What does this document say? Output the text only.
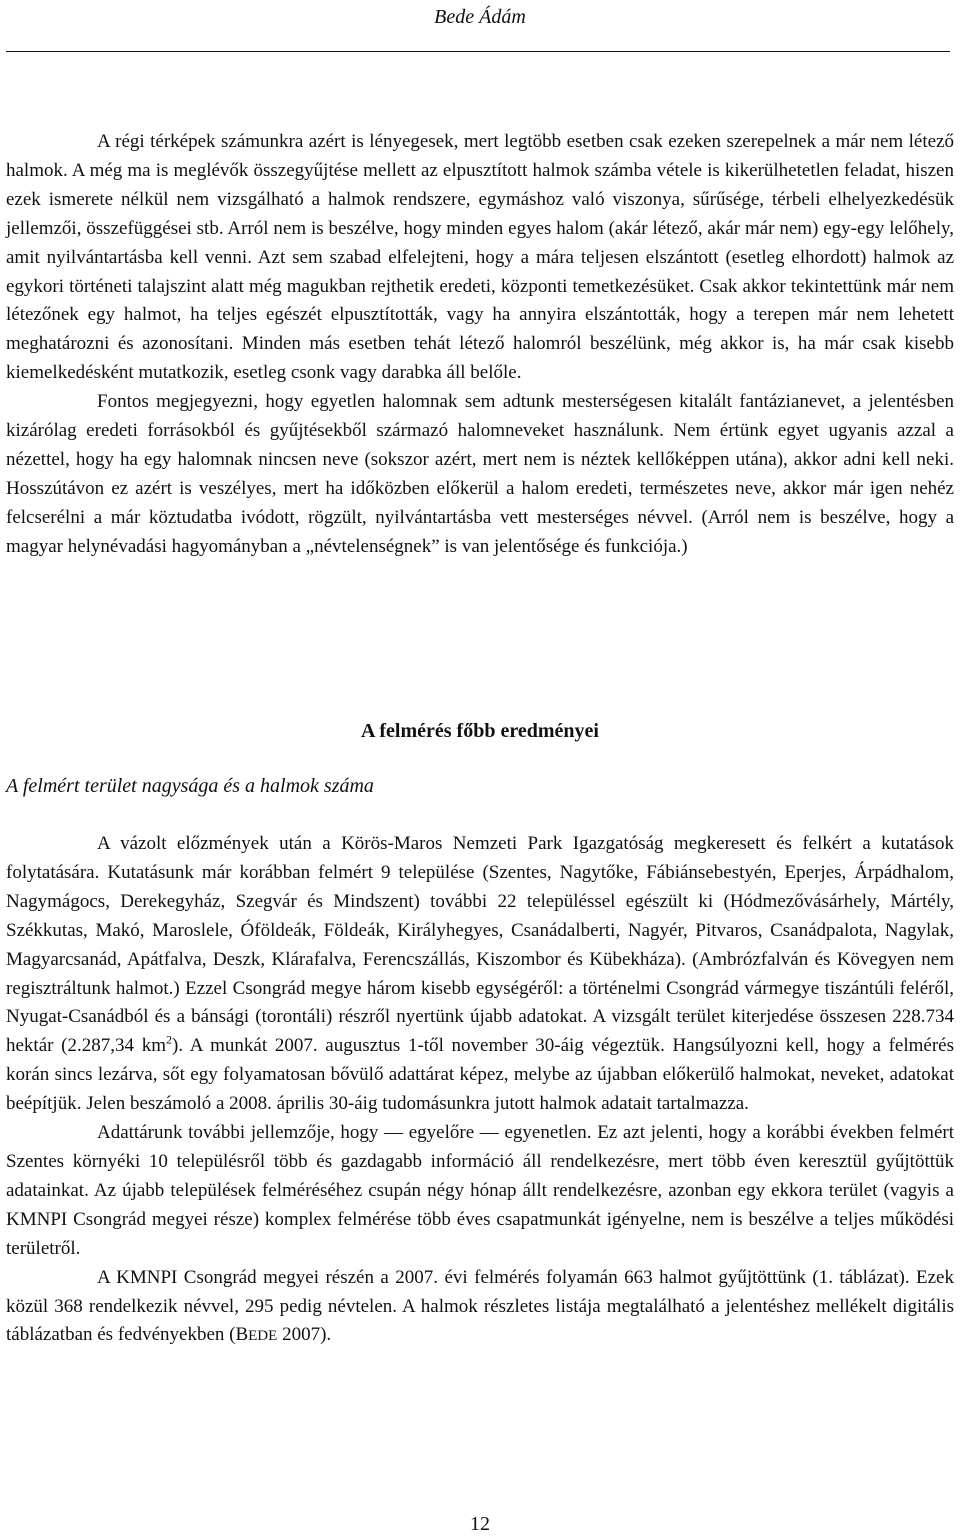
Bede Ádám

A régi térképek számunkra azért is lényegesek, mert legtöbb esetben csak ezeken szerepelnek a már nem létező halmok. A még ma is meglévők összegyűjtése mellett az elpusztított halmok számba vétele is kikerülhetetlen feladat, hiszen ezek ismerete nélkül nem vizsgálható a halmok rendszere, egymáshoz való viszonya, sűrűsége, térbeli elhelyezkedésük jellemzői, összefüggései stb. Arról nem is beszélve, hogy minden egyes halom (akár létező, akár már nem) egy-egy lelőhely, amit nyilvántartásba kell venni. Azt sem szabad elfelejteni, hogy a mára teljesen elszántott (esetleg elhordott) halmok az egykori történeti talajszint alatt még magukban rejthetik eredeti, központi temetkezésüket. Csak akkor tekintettünk már nem létezőnek egy halmot, ha teljes egészét elpusztították, vagy ha annyira elszántották, hogy a terepen már nem lehetett meghatározni és azonosítani. Minden más esetben tehát létező halomról beszélünk, még akkor is, ha már csak kisebb kiemelkedésként mutatkozik, esetleg csonk vagy darabka áll belőle.

Fontos megjegyezni, hogy egyetlen halomnak sem adtunk mesterségesen kitalált fantázianevet, a jelentésben kizárólag eredeti forrásokból és gyűjtésekből származó halomneveket használunk. Nem értünk egyet ugyanis azzal a nézettel, hogy ha egy halomnak nincsen neve (sokszor azért, mert nem is néztek kellőképpen utána), akkor adni kell neki. Hosszútávon ez azért is veszélyes, mert ha időközben előkerül a halom eredeti, természetes neve, akkor már igen nehéz felcserélni a már köztudatba ivódott, rögzült, nyilvántartásba vett mesterséges névvel. (Arról nem is beszélve, hogy a magyar helynévadási hagyományban a „névtelenségnek” is van jelentősége és funkciója.)

A felmérés főbb eredményei
A felmért terület nagysága és a halmok száma

A vázolt előzmények után a Körös-Maros Nemzeti Park Igazgatóság megkeresett és felkért a kutatások folytatására. Kutatásunk már korábban felmért 9 települése (Szentes, Nagytőke, Fábiánsebestyén, Eperjes, Árpádhalom, Nagymágocs, Derekegyház, Szegvár és Mindszent) további 22 településsel egészült ki (Hódmezővásárhely, Mártély, Székkutas, Makó, Maroslele, Óföldeák, Földeák, Királyhegyes, Csanádalberti, Nagyér, Pitvaros, Csanádpalota, Nagylak, Magyarcsanád, Apátfalva, Deszk, Klárafalva, Ferencszállás, Kiszombor és Kübekháza). (Ambrózfalván és Kövegyen nem regisztráltunk halmot.) Ezzel Csongrád megye három kisebb egységéről: a történelmi Csongrád vármegye tiszántúli feléről, Nyugat-Csanádból és a bánsági (torontáli) részről nyertünk újabb adatokat. A vizsgált terület kiterjedése összesen 228.734 hektár (2.287,34 $km^2$). A munkát 2007. augusztus 1-től november 30-áig végeztük. Hangsúlyozni kell, hogy a felmérés korán sincs lezárva, sőt egy folyamatosan bővülő adattárat képez, melybe az újabban előkerülő halmokat, neveket, adatokat beépítjük. Jelen beszámoló a 2008. április 30-áig tudomásunkra jutott halmok adatait tartalmazza.

Adattárunk további jellemzője, hogy — egyelőre — egyenetlen. Ez azt jelenti, hogy a korábbi években felmért Szentes környéki 10 településről több és gazdagabb információ áll rendelkezésre, mert több éven keresztül gyűjtöttük adatainkat. Az újabb települések felméréséhez csupán négy hónap állt rendelkezésre, azonban egy ekkora terület (vagyis a KMNPI Csongrád megyei része) komplex felmérése több éves csapatmunkát igényelne, nem is beszélve a teljes működési területről.

A KMNPI Csongrád megyei részén a 2007. évi felmérés folyamán 663 halmot gyűjtöttünk (1. táblázat). Ezek közül 368 rendelkezik névvel, 295 pedig névtelen. A halmok részletes listája megtalálható a jelentéshez mellékelt digitális táblázatban és fedvényekben (BEDE 2007).

12
